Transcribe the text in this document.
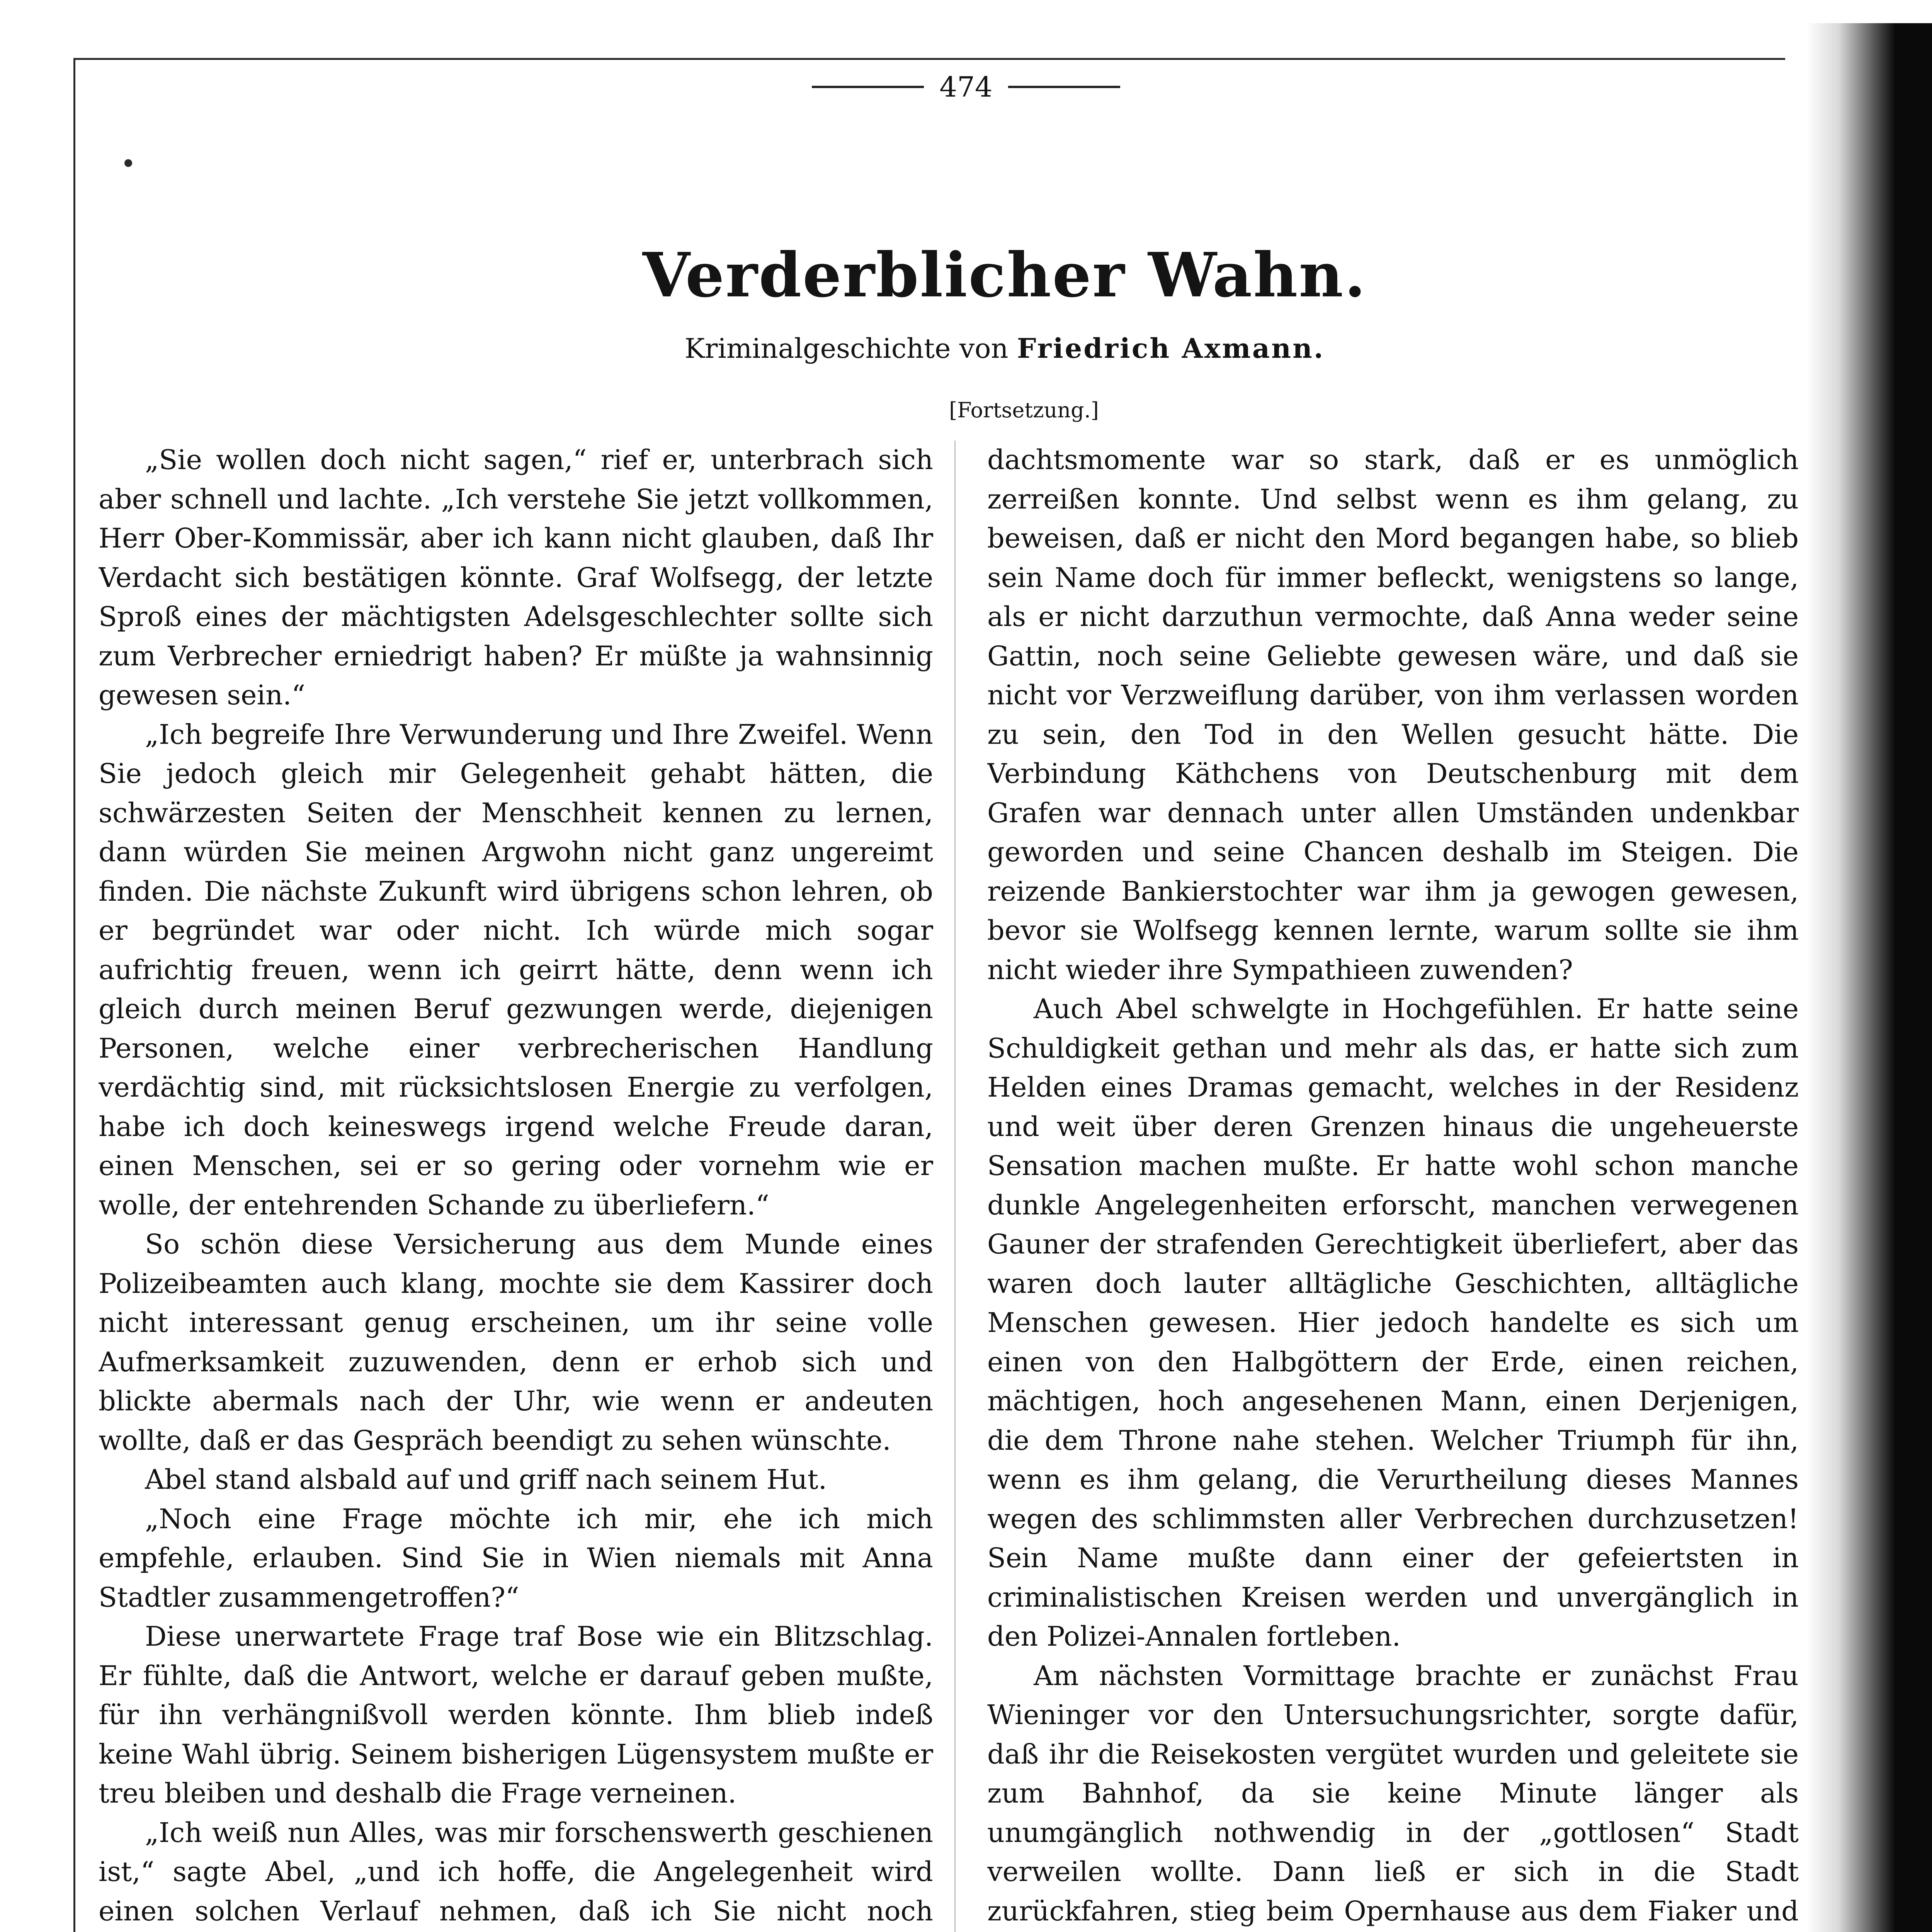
474
Verderblicher Wahn.
Kriminalgeschichte von Friedrich Axmann.
[Fortsetzung.]

„Sie wollen doch nicht sagen,“ rief er, unterbrach sich aber schnell und lachte. „Ich verstehe Sie jetzt vollkommen, Herr Ober-Kommissär, aber ich kann nicht glauben, daß Ihr Verdacht sich bestätigen könnte. Graf Wolfsegg, der letzte Sproß eines der mächtigsten Adelsgeschlechter sollte sich zum Verbrecher erniedrigt haben? Er müßte ja wahnsinnig gewesen sein.“

„Ich begreife Ihre Verwunderung und Ihre Zweifel. Wenn Sie jedoch gleich mir Gelegenheit gehabt hätten, die schwärzesten Seiten der Menschheit kennen zu lernen, dann würden Sie meinen Argwohn nicht ganz ungereimt finden. Die nächste Zukunft wird übrigens schon lehren, ob er begründet war oder nicht. Ich würde mich sogar aufrichtig freuen, wenn ich geirrt hätte, denn wenn ich gleich durch meinen Beruf gezwungen werde, diejenigen Personen, welche einer verbrecherischen Handlung verdächtig sind, mit rücksichtslosen Energie zu verfolgen, habe ich doch keineswegs irgend welche Freude daran, einen Menschen, sei er so gering oder vornehm wie er wolle, der entehrenden Schande zu überliefern.“

So schön diese Versicherung aus dem Munde eines Polizeibeamten auch klang, mochte sie dem Kassirer doch nicht interessant genug erscheinen, um ihr seine volle Aufmerksamkeit zuzuwenden, denn er erhob sich und blickte abermals nach der Uhr, wie wenn er andeuten wollte, daß er das Gespräch beendigt zu sehen wünschte.

Abel stand alsbald auf und griff nach seinem Hut.

„Noch eine Frage möchte ich mir, ehe ich mich empfehle, erlauben. Sind Sie in Wien niemals mit Anna Stadtler zusammengetroffen?“

Diese unerwartete Frage traf Bose wie ein Blitzschlag. Er fühlte, daß die Antwort, welche er darauf geben mußte, für ihn verhängnißvoll werden könnte. Ihm blieb indeß keine Wahl übrig. Seinem bisherigen Lügensystem mußte er treu bleiben und deshalb die Frage verneinen.

„Ich weiß nun Alles, was mir forschenswerth geschienen ist,“ sagte Abel, „und ich hoffe, die Angelegenheit wird einen solchen Verlauf nehmen, daß ich Sie nicht noch

dachtsmomente war so stark, daß er es unmöglich zerreißen konnte. Und selbst wenn es ihm gelang, zu beweisen, daß er nicht den Mord begangen habe, so blieb sein Name doch für immer befleckt, wenigstens so lange, als er nicht darzuthun vermochte, daß Anna weder seine Gattin, noch seine Geliebte gewesen wäre, und daß sie nicht vor Verzweiflung darüber, von ihm verlassen worden zu sein, den Tod in den Wellen gesucht hätte. Die Verbindung Käthchens von Deutschenburg mit dem Grafen war dennach unter allen Umständen undenkbar geworden und seine Chancen deshalb im Steigen. Die reizende Bankierstochter war ihm ja gewogen gewesen, bevor sie Wolfsegg kennen lernte, warum sollte sie ihm nicht wieder ihre Sympathieen zuwenden?

Auch Abel schwelgte in Hochgefühlen. Er hatte seine Schuldigkeit gethan und mehr als das, er hatte sich zum Helden eines Dramas gemacht, welches in der Residenz und weit über deren Grenzen hinaus die ungeheuerste Sensation machen mußte. Er hatte wohl schon manche dunkle Angelegenheiten erforscht, manchen verwegenen Gauner der strafenden Gerechtigkeit überliefert, aber das waren doch lauter alltägliche Geschichten, alltägliche Menschen gewesen. Hier jedoch handelte es sich um einen von den Halbgöttern der Erde, einen reichen, mächtigen, hoch angesehenen Mann, einen Derjenigen, die dem Throne nahe stehen. Welcher Triumph für ihn, wenn es ihm gelang, die Verurtheilung dieses Mannes wegen des schlimmsten aller Verbrechen durchzusetzen! Sein Name mußte dann einer der gefeiertsten in criminalistischen Kreisen werden und unvergänglich in den Polizei-Annalen fortleben.

Am nächsten Vormittage brachte er zunächst Frau Wieninger vor den Untersuchungsrichter, sorgte dafür, daß ihr die Reisekosten vergütet wurden und geleitete sie zum Bahnhof, da sie keine Minute länger als unumgänglich nothwendig in der „gottlosen“ Stadt verweilen wollte. Dann ließ er sich in die Stadt zurückfahren, stieg beim Opernhause aus dem Fiaker und
